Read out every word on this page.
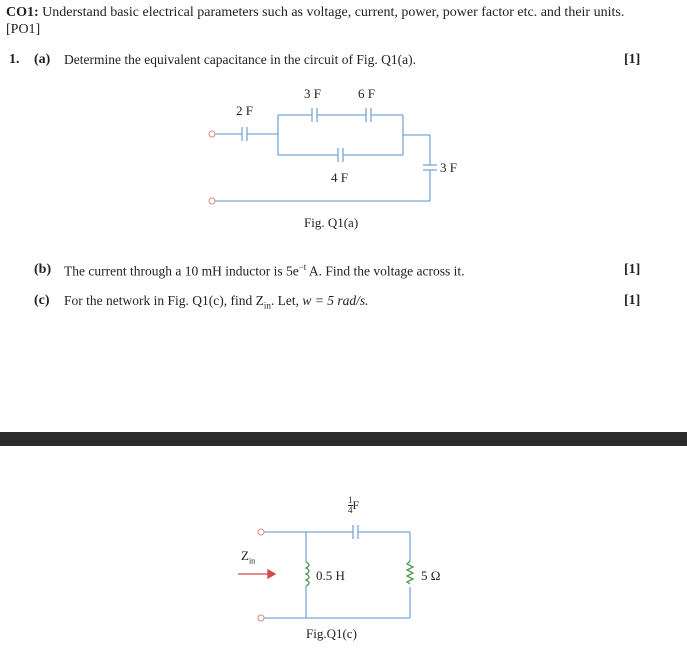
CO1: Understand basic electrical parameters such as voltage, current, power, power factor etc. and their units.
[PO1]
1. (a) Determine the equivalent capacitance in the circuit of Fig. Q1(a).	[1]
2 F
3 F	6 F
4 F
3 F
Fig. Q1(a)
(b) The current through a 10 mH inductor is $5e^{-t}$ A. Find the voltage across it.	[1]
(c) For the network in Fig. Q1(c), find $Z_{in}$. Let, w = 5 rad/s.	[1]
$Z_{in}$
$\frac{1}{4}$ F
0.5 H	5 Ω
Fig.Q1(c)
